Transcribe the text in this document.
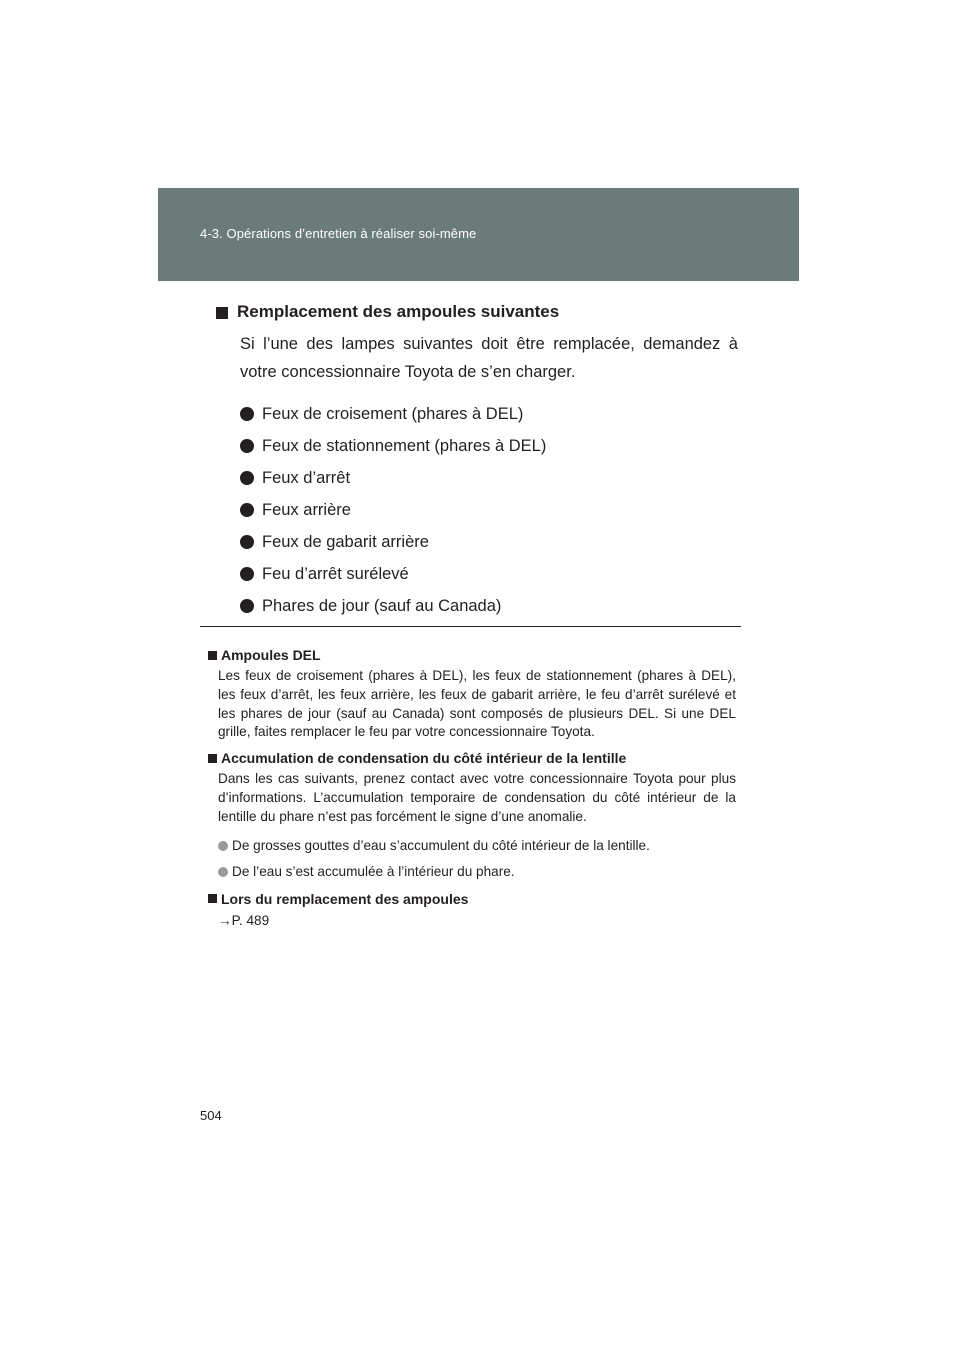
4-3. Opérations d’entretien à réaliser soi-même
Remplacement des ampoules suivantes
Si l’une des lampes suivantes doit être remplacée, demandez à votre concessionnaire Toyota de s’en charger.
Feux de croisement (phares à DEL)
Feux de stationnement (phares à DEL)
Feux d’arrêt
Feux arrière
Feux de gabarit arrière
Feu d’arrêt surélevé
Phares de jour (sauf au Canada)
Ampoules DEL
Les feux de croisement (phares à DEL), les feux de stationnement (phares à DEL), les feux d’arrêt, les feux arrière, les feux de gabarit arrière, le feu d’arrêt surélevé et les phares de jour (sauf au Canada) sont composés de plusieurs DEL. Si une DEL grille, faites remplacer le feu par votre concessionnaire Toyota.
Accumulation de condensation du côté intérieur de la lentille
Dans les cas suivants, prenez contact avec votre concessionnaire Toyota pour plus d’informations. L’accumulation temporaire de condensation du côté intérieur de la lentille du phare n’est pas forcément le signe d’une anomalie.
De grosses gouttes d’eau s’accumulent du côté intérieur de la lentille.
De l’eau s’est accumulée à l’intérieur du phare.
Lors du remplacement des ampoules
→P. 489
504
